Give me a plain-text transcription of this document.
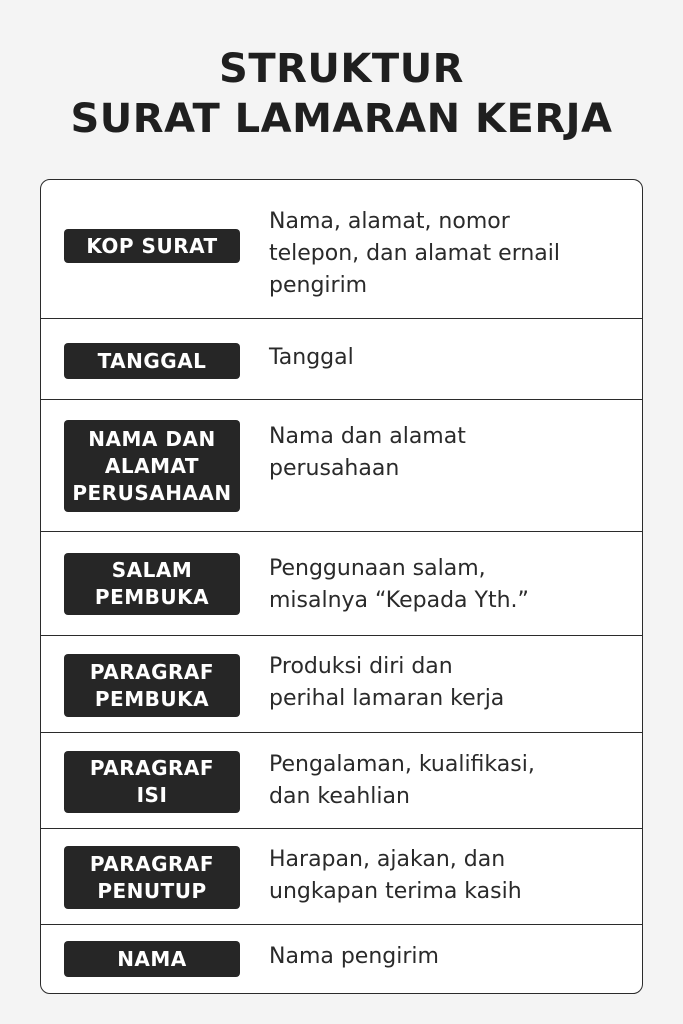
STRUKTUR
SURAT LAMARAN KERJA
KOP SURAT
Nama, alamat, nomor
telepon, dan alamat ernail
pengirim
TANGGAL	Tanggal
NAMA DAN
ALAMAT
PERUSAHAAN
Nama dan alamat
perusahaan
SALAM
PEMBUKA
Penggunaan salam,
misalnya “Kepada Yth.”
PARAGRAF
PEMBUKA
Produksi diri dan
perihal lamaran kerja
PARAGRAF
ISI
Pengalaman, kualifikasi,
dan keahlian
PARAGRAF
PENUTUP
Harapan, ajakan, dan
ungkapan terima kasih
NAMA	Nama pengirim
